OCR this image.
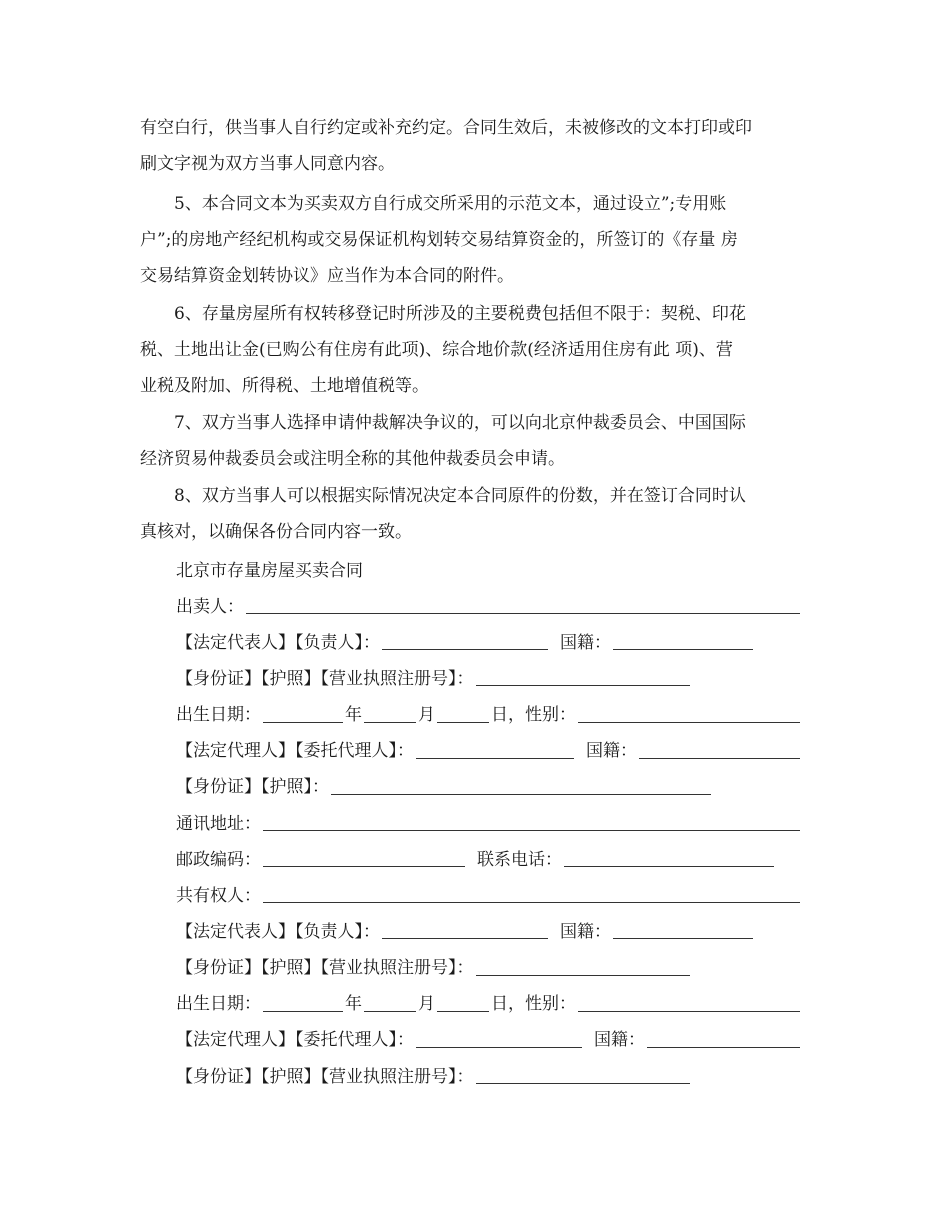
有空白行，供当事人自行约定或补充约定。合同生效后，未被修改的文本打印或印
刷文字视为双方当事人同意内容。

　　5、本合同文本为买卖双方自行成交所采用的示范文本，通过设立”;专用账
户”;的房地产经纪机构或交易保证机构划转交易结算资金的，所签订的《存量 房
交易结算资金划转协议》应当作为本合同的附件。

　　6、存量房屋所有权转移登记时所涉及的主要税费包括但不限于：契税、印花
税、土地出让金(已购公有住房有此项)、综合地价款(经济适用住房有此 项)、营
业税及附加、所得税、土地增值税等。

　　7、双方当事人选择申请仲裁解决争议的，可以向北京仲裁委员会、中国国际
经济贸易仲裁委员会或注明全称的其他仲裁委员会申请。

　　8、双方当事人可以根据实际情况决定本合同原件的份数，并在签订合同时认
真核对，以确保各份合同内容一致。

北京市存量房屋买卖合同
出卖人：
【法定代表人】【负责人】：	国籍：
【身份证】【护照】【营业执照注册号】：
出生日期：	年	月	日，性别：
【法定代理人】【委托代理人】：	国籍：
【身份证】【护照】：
通讯地址：
邮政编码：	联系电话：
共有权人：
【法定代表人】【负责人】：	国籍：
【身份证】【护照】【营业执照注册号】：
出生日期：	年	月	日，性别：
【法定代理人】【委托代理人】：	国籍：
【身份证】【护照】【营业执照注册号】：
